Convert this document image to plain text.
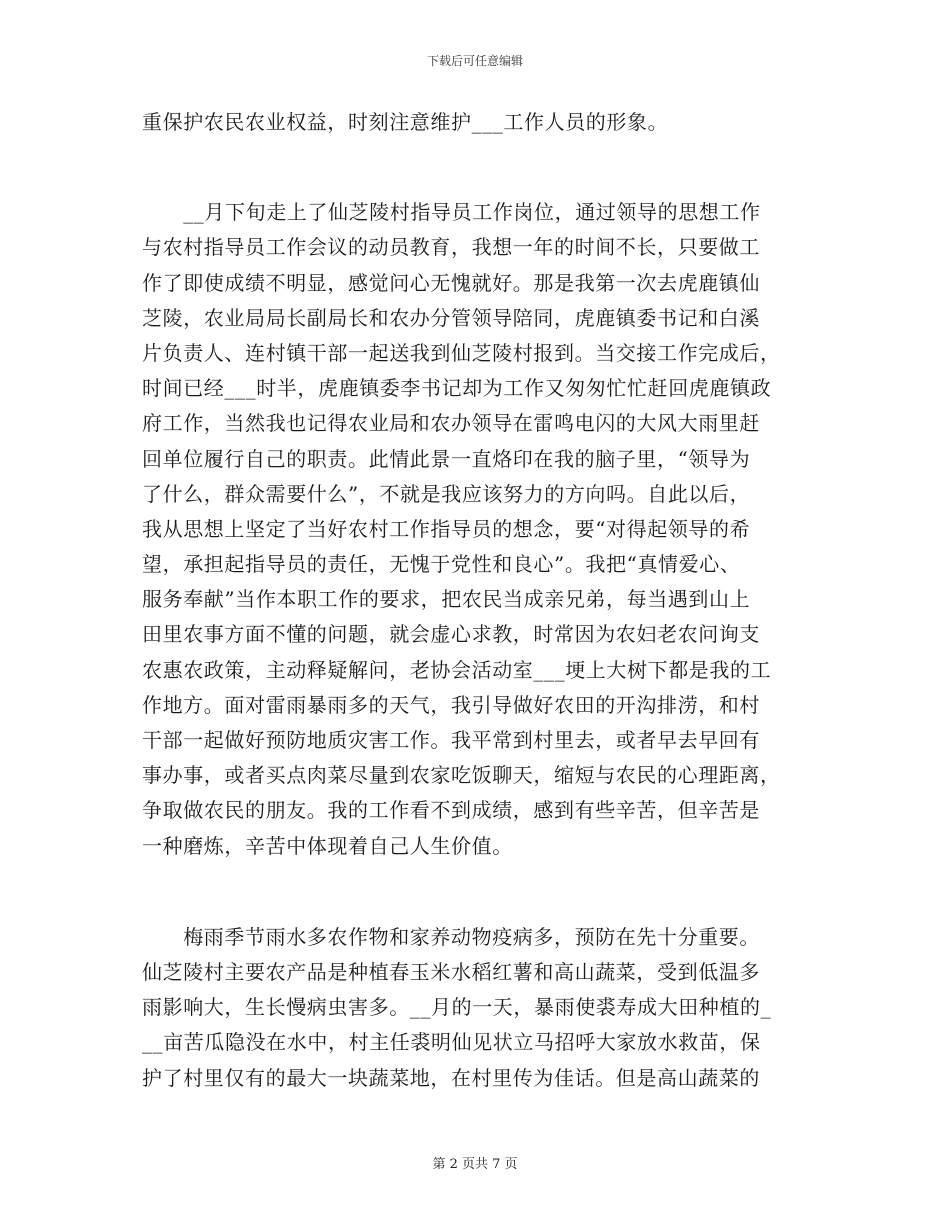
下载后可任意编辑
重保护农民农业权益，时刻注意维护___工作人员的形象。
　　__月下旬走上了仙芝陵村指导员工作岗位，通过领导的思想工作
与农村指导员工作会议的动员教育，我想一年的时间不长，只要做工
作了即使成绩不明显，感觉问心无愧就好。那是我第一次去虎鹿镇仙
芝陵，农业局局长副局长和农办分管领导陪同，虎鹿镇委书记和白溪
片负责人、连村镇干部一起送我到仙芝陵村报到。当交接工作完成后，
时间已经___时半，虎鹿镇委李书记却为工作又匆匆忙忙赶回虎鹿镇政
府工作，当然我也记得农业局和农办领导在雷鸣电闪的大风大雨里赶
回单位履行自己的职责。此情此景一直烙印在我的脑子里，“领导为
了什么，群众需要什么”，不就是我应该努力的方向吗。自此以后，
我从思想上坚定了当好农村工作指导员的想念，要“对得起领导的希
望，承担起指导员的责任，无愧于党性和良心”。我把“真情爱心、
服务奉献”当作本职工作的要求，把农民当成亲兄弟，每当遇到山上
田里农事方面不懂的问题，就会虚心求教，时常因为农妇老农问询支
农惠农政策，主动释疑解问，老协会活动室___埂上大树下都是我的工
作地方。面对雷雨暴雨多的天气，我引导做好农田的开沟排涝，和村
干部一起做好预防地质灾害工作。我平常到村里去，或者早去早回有
事办事，或者买点肉菜尽量到农家吃饭聊天，缩短与农民的心理距离，
争取做农民的朋友。我的工作看不到成绩，感到有些辛苦，但辛苦是
一种磨炼，辛苦中体现着自己人生价值。
　　梅雨季节雨水多农作物和家养动物疫病多，预防在先十分重要。
仙芝陵村主要农产品是种植春玉米水稻红薯和高山蔬菜，受到低温多
雨影响大，生长慢病虫害多。__月的一天，暴雨使裘寿成大田种植的_
__亩苦瓜隐没在水中，村主任裘明仙见状立马招呼大家放水救苗，保
护了村里仅有的最大一块蔬菜地，在村里传为佳话。但是高山蔬菜的
第 2 页共 7 页
